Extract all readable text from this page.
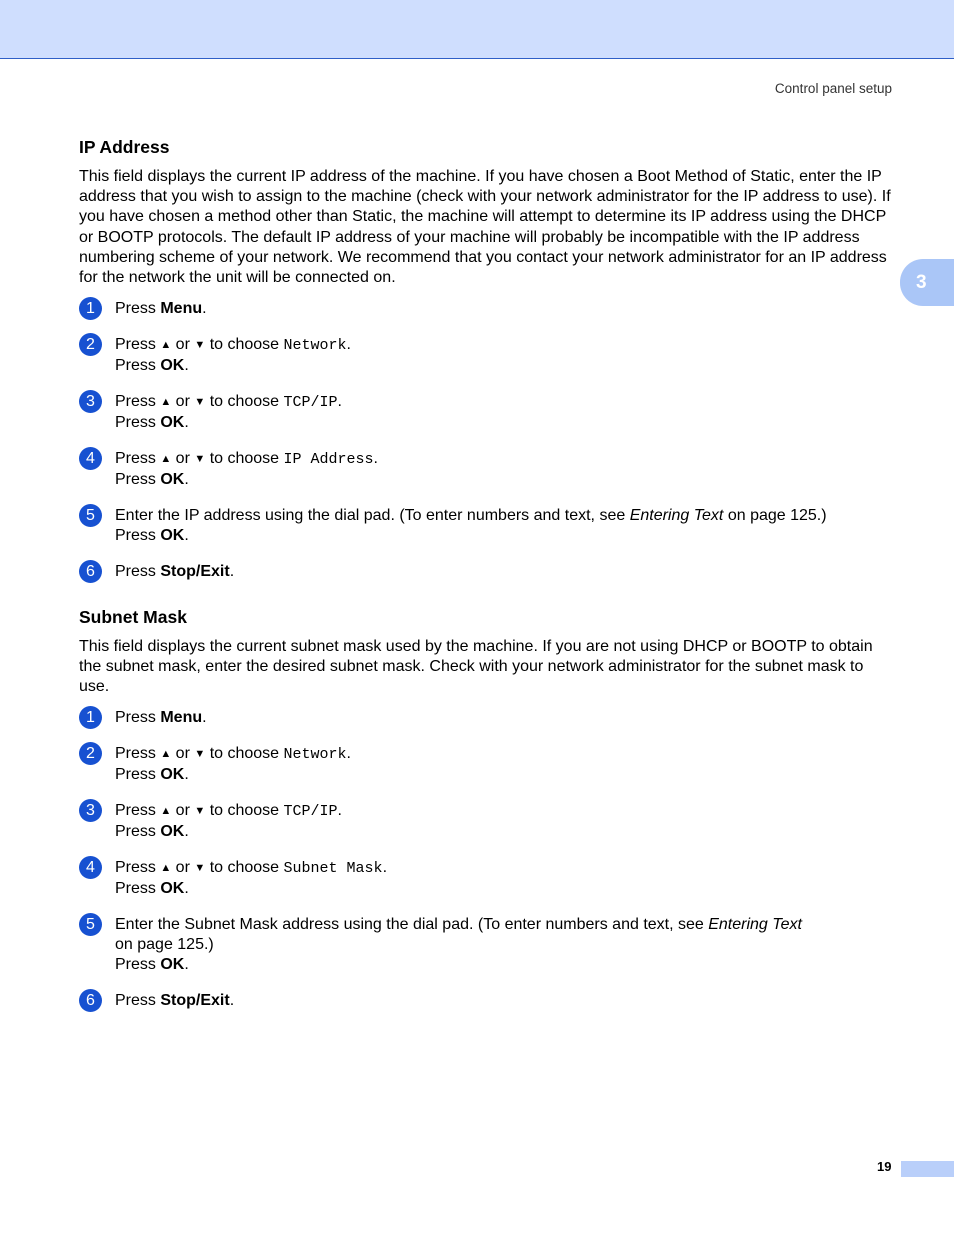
Control panel setup
3
IP Address

This field displays the current IP address of the machine. If you have chosen a Boot Method of Static, enter the IP address that you wish to assign to the machine (check with your network administrator for the IP address to use). If you have chosen a method other than Static, the machine will attempt to determine its IP address using the DHCP or BOOTP protocols. The default IP address of your machine will probably be incompatible with the IP address numbering scheme of your network. We recommend that you contact your network administrator for an IP address for the network the unit will be connected on.

1	Press Menu.
2	Press ▲ or ▼ to choose Network.
Press OK.
3	Press ▲ or ▼ to choose TCP/IP.
Press OK.
4	Press ▲ or ▼ to choose IP Address.
Press OK.
5	Enter the IP address using the dial pad. (To enter numbers and text, see Entering Text on page 125.)
Press OK.
6	Press Stop/Exit.
Subnet Mask

This field displays the current subnet mask used by the machine. If you are not using DHCP or BOOTP to obtain the subnet mask, enter the desired subnet mask. Check with your network administrator for the subnet mask to use.

1	Press Menu.
2	Press ▲ or ▼ to choose Network.
Press OK.
3	Press ▲ or ▼ to choose TCP/IP.
Press OK.
4	Press ▲ or ▼ to choose Subnet Mask.
Press OK.
5	Enter the Subnet Mask address using the dial pad. (To enter numbers and text, see Entering Text
on page 125.)
Press OK.
6	Press Stop/Exit.
19
